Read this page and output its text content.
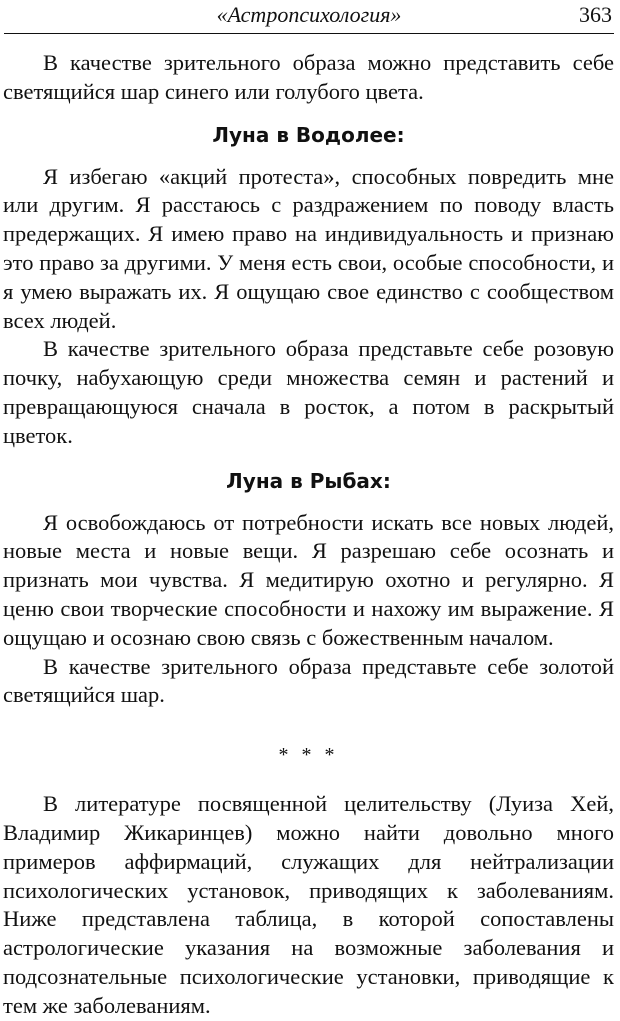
«Астропсихология»	363

В качестве зрительного образа можно представить себе светящийся шар синего или голубого цвета.

Луна в Водолее:

Я избегаю «акций протеста», способных повредить мне или другим. Я расстаюсь с раздражением по поводу власть предержащих. Я имею право на индивидуальность и признаю это право за другими. У меня есть свои, особые способности, и я умею выражать их. Я ощущаю свое единство с сообществом всех людей.

В качестве зрительного образа представьте себе розовую почку, набухающую среди множества семян и растений и превращающуюся сначала в росток, а потом в раскрытый цветок.

Луна в Рыбах:

Я освобождаюсь от потребности искать все новых людей, новые места и новые вещи. Я разрешаю себе осознать и признать мои чувства. Я медитирую охотно и регулярно. Я ценю свои творческие способности и нахожу им выражение. Я ощущаю и осознаю свою связь с божественным началом.

В качестве зрительного образа представьте себе золотой светящийся шар.

* * *

В литературе посвященной целительству (Луиза Хей, Владимир Жикаринцев) можно найти довольно много примеров аффирмаций, служащих для нейтрализации психологических установок, приводящих к заболеваниям. Ниже представлена таблица, в которой сопоставлены астрологические указания на возможные заболевания и подсознательные психологические установки, приводящие к тем же заболеваниям.
